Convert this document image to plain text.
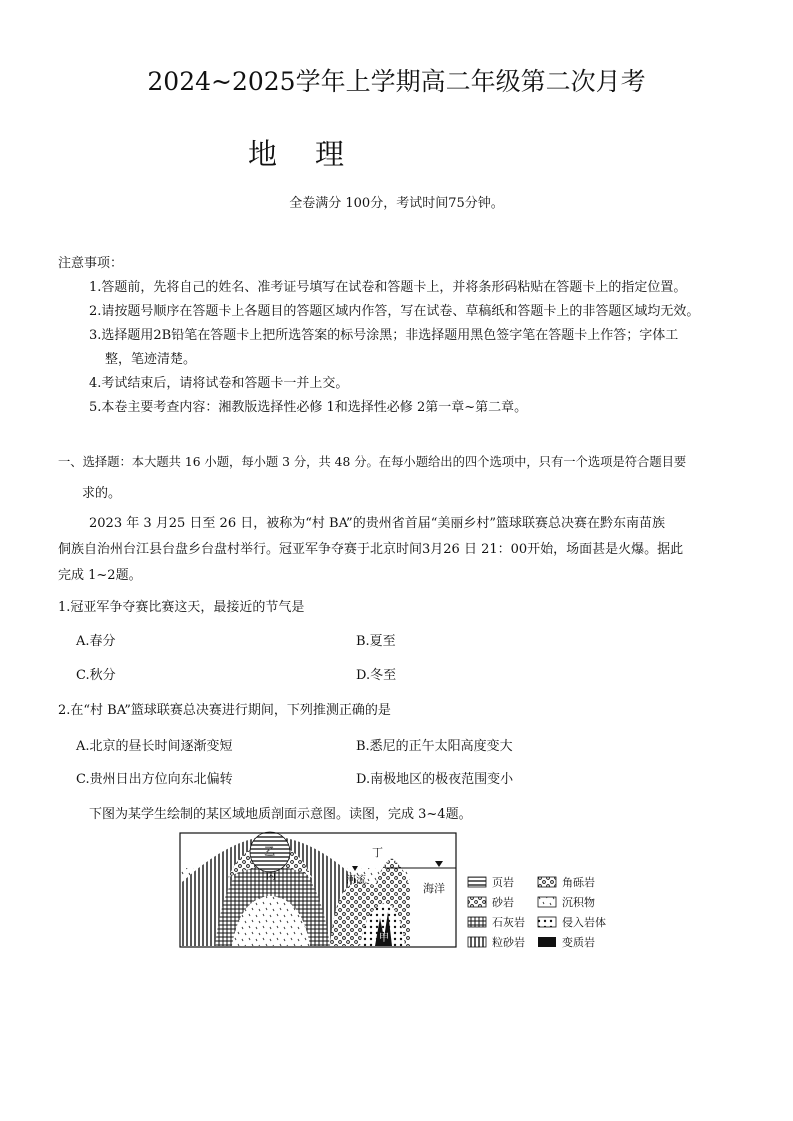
2024~2025学年上学期高二年级第二次月考
地 理
全卷满分 100分，考试时间75分钟。
注意事项：
1.答题前，先将自己的姓名、准考证号填写在试卷和答题卡上，并将条形码粘贴在答题卡上的指定位置。
2.请按题号顺序在答题卡上各题目的答题区域内作答，写在试卷、草稿纸和答题卡上的非答题区域均无效。
3.选择题用2B铅笔在答题卡上把所选答案的标号涂黑；非选择题用黑色签字笔在答题卡上作答；字体工
整，笔迹清楚。
4.考试结束后，请将试卷和答题卡一并上交。
5.本卷主要考查内容：湘教版选择性必修 1和选择性必修 2第一章~第二章。
一、选择题：本大题共 16 小题，每小题 3 分，共 48 分。在每小题给出的四个选项中，只有一个选项是符合题目要
求的。
2023 年 3 月25 日至 26 日，被称为“村 BA”的贵州省首届“美丽乡村”篮球联赛总决赛在黔东南苗族
侗族自治州台江县台盘乡台盘村举行。冠亚军争夺赛于北京时间3月26 日 21：00开始，场面甚是火爆。据此
完成 1~2题。
1.冠亚军争夺赛比赛这天，最接近的节气是
A.春分	B.夏至
C.秋分	D.冬至
2.在“村 BA”篮球联赛总决赛进行期间，下列推测正确的是
A.北京的昼长时间逐渐变短	B.悉尼的正午太阳高度变大
C.贵州日出方位向东北偏转	D.南极地区的极夜范围变小
下图为某学生绘制的某区域地质剖面示意图。读图，完成 3~4题。
乙
丙
丁
甲
河流
海洋	页岩	角砾岩
砂岩	沉积物
石灰岩	侵入岩体
粒砂岩	变质岩
